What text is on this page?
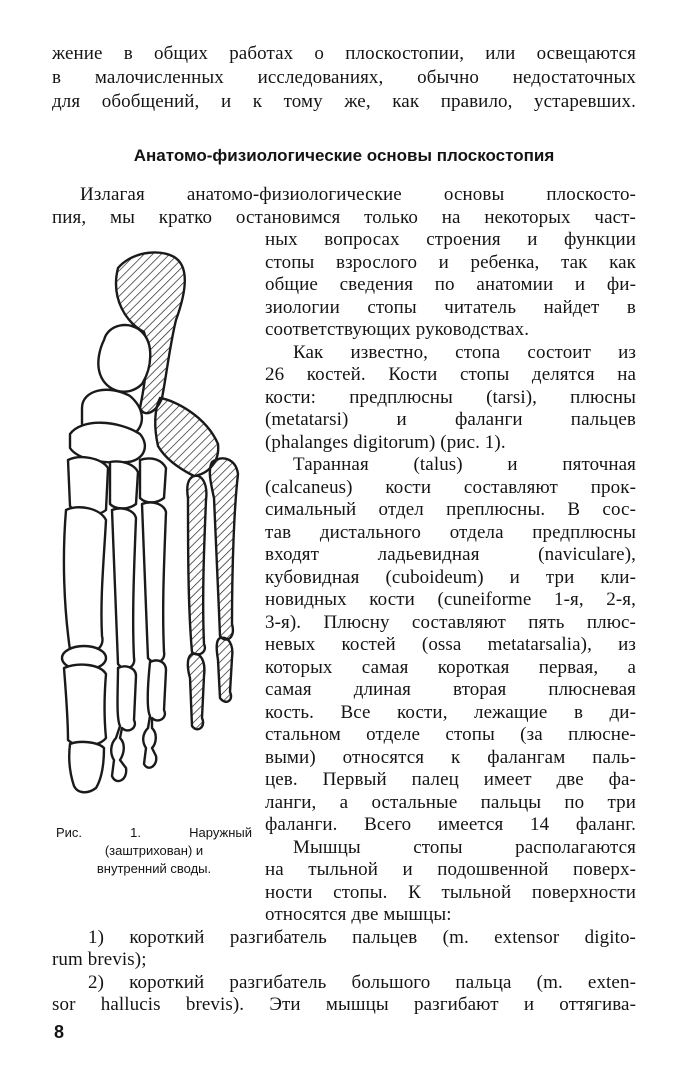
жение в общих работах о плоскостопии, или освещаются
в малочисленных исследованиях, обычно недостаточных
для обобщений, и к тому же, как правило, устаревших.
Анатомо-физиологические основы плоскостопия
Излагая анатомо-физиологические основы плоскосто-
пия, мы кратко остановимся только на некоторых част-
ных вопросах строения и функции
стопы взрослого и ребенка, так как
общие сведения по анатомии и фи-
зиологии стопы читатель найдет в
соответствующих руководствах.
Как известно, стопа состоит из
26 костей. Кости стопы делятся на
кости: предплюсны (tarsi), плюсны
(metatarsi) и фаланги пальцев
(phalanges digitorum) (рис. 1).
Таранная (talus) и пяточная
(calcaneus) кости составляют прок-
симальный отдел преплюсны. В сос-
тав дистального отдела предплюсны
входят ладьевидная (naviculare),
кубовидная (cuboideum) и три кли-
новидных кости (cuneiforme 1-я, 2-я,
3-я). Плюсну составляют пять плюс-
невых костей (ossa metatarsalia), из
которых самая короткая первая, а
самая длиная вторая плюсневая
кость. Все кости, лежащие в ди-
стальном отделе стопы (за плюсне-
выми) относятся к фалангам паль-
цев. Первый палец имеет две фа-
ланги, а остальные пальцы по три
фаланги. Всего имеется 14 фаланг.
Мышцы стопы располагаются
на тыльной и подошвенной поверх-
ности стопы. К тыльной поверхности
относятся две мышцы:
1) короткий разгибатель пальцев (m. extensor digito-
rum brevis);
2) короткий разгибатель большого пальца (m. exten-
sor hallucis brevis). Эти мышцы разгибают и оттягива-
Рис. 1. Наружный
(заштрихован) и
внутренний своды.
8
